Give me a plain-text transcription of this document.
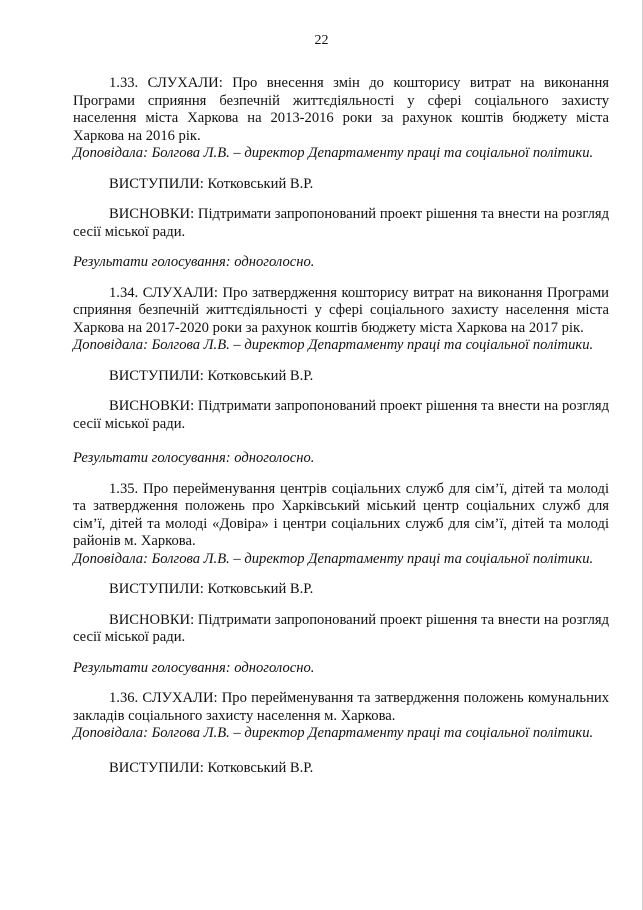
22

1.33. СЛУХАЛИ: Про внесення змін до кошторису витрат на виконання Програми сприяння безпечній життєдіяльності у сфері соціального захисту населення міста Харкова на 2013-2016 роки за рахунок коштів бюджету міста Харкова на 2016 рік.

Доповідала: Болгова Л.В. – директор Департаменту праці та соціальної політики.

ВИСТУПИЛИ: Котковський В.Р.

ВИСНОВКИ: Підтримати запропонований проект рішення та внести на розгляд сесії міської ради.

Результати голосування: одноголосно.

1.34. СЛУХАЛИ: Про затвердження кошторису витрат на виконання Програми сприяння безпечній життєдіяльності у сфері соціального захисту населення міста Харкова на 2017-2020 роки за рахунок коштів бюджету міста Харкова на 2017 рік.

Доповідала: Болгова Л.В. – директор Департаменту праці та соціальної політики.

ВИСТУПИЛИ: Котковський В.Р.

ВИСНОВКИ: Підтримати запропонований проект рішення та внести на розгляд сесії міської ради.

Результати голосування: одноголосно.

1.35. Про перейменування центрів соціальних служб для сім’ї, дітей та молоді та затвердження положень про Харківський міський центр соціальних служб для сім’ї, дітей та молоді «Довіра» і центри соціальних служб для сім’ї, дітей та молоді районів м. Харкова.

Доповідала: Болгова Л.В. – директор Департаменту праці та соціальної політики.

ВИСТУПИЛИ: Котковський В.Р.

ВИСНОВКИ: Підтримати запропонований проект рішення та внести на розгляд сесії міської ради.

Результати голосування: одноголосно.

1.36. СЛУХАЛИ: Про перейменування та затвердження положень комунальних закладів соціального захисту населення м. Харкова.

Доповідала: Болгова Л.В. – директор Департаменту праці та соціальної політики.

ВИСТУПИЛИ: Котковський В.Р.
